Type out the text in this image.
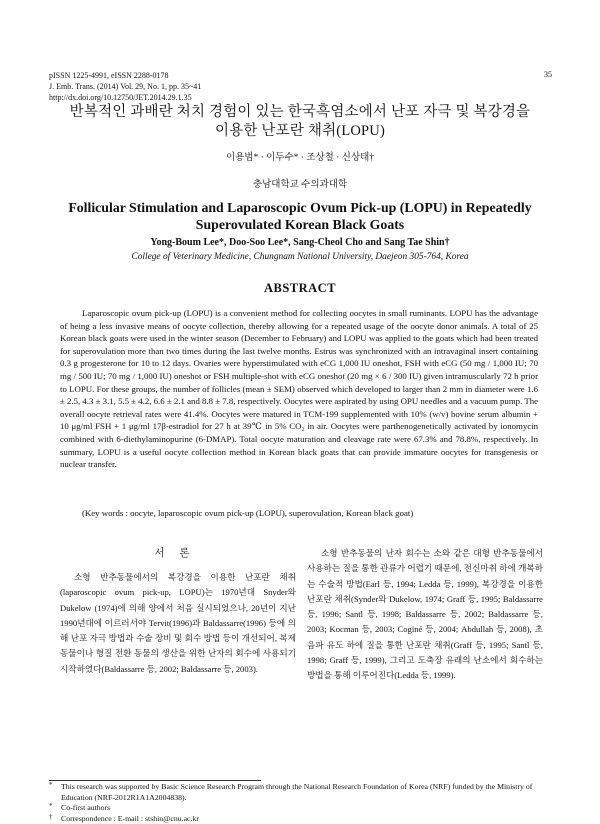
pISSN 1225-4991, eISSN 2288-0178
J. Emb. Trans. (2014) Vol. 29, No. 1, pp. 35~41
http://dx.doi.org/10.12750/JET.2014.29.1.35
35
반복적인 과배란 처치 경험이 있는 한국흑염소에서 난포 자극 및 복강경을
이용한 난포란 채취(LOPU)
이용범* · 이두수* · 조상철 · 신상태†
충남대학교 수의과대학
Follicular Stimulation and Laparoscopic Ovum Pick-up (LOPU) in Repeatedly
Superovulated Korean Black Goats
Yong-Boum Lee*, Doo-Soo Lee*, Sang-Cheol Cho and Sang Tae Shin†
College of Veterinary Medicine, Chungnam National University, Daejeon 305-764, Korea
ABSTRACT

Laparoscopic ovum pick-up (LOPU) is a convenient method for collecting oocytes in small ruminants. LOPU has the advantage of being a less invasive means of oocyte collection, thereby allowing for a repeated usage of the oocyte donor animals. A total of 25 Korean black goats were used in the winter season (December to February) and LOPU was applied to the goats which had been treated for superovulation more than two times during the last twelve months. Estrus was synchronized with an intravaginal insert containing 0.3 g progesterone for 10 to 12 days. Ovaries were hyperstimulated with eCG 1,000 IU oneshot, FSH with eCG (50 mg / 1,000 IU; 70 mg / 500 IU; 70 mg / 1,000 IU) oneshot or FSH multiple-shot with eCG oneshot (20 mg × 6 / 300 IU) given intramuscularly 72 h prior to LOPU. For these groups, the number of follicles (mean ± SEM) observed which developed to larger than 2 mm in diameter were 1.6 ± 2.5, 4.3 ± 3.1, 5.5 ± 4.2, 6.6 ± 2.1 and 8.8 ± 7.8, respectively. Oocytes were aspirated by using OPU needles and a vacuum pump. The overall oocyte retrieval rates were 41.4%. Oocytes were matured in TCM-199 supplemented with 10% (w/v) bovine serum albumin + 10 μg/ml FSH + 1 μg/ml 17β-estradiol for 27 h at 39℃ in 5% CO₂ in air. Oocytes were parthenogenetically activated by ionomycin combined with 6-diethylaminopurine (6-DMAP). Total oocyte maturation and cleavage rate were 67.3% and 78.8%, respectively. In summary, LOPU is a useful oocyte collection method in Korean black goats that can provide immature oocytes for transgenesis or nuclear transfer.

(Key words : oocyte, laparoscopic ovum pick-up (LOPU), superovulation, Korean black goat)
서 론

소형 반추동물에서의 복강경을 이용한 난포란 채취(laparoscopic ovum pick-up, LOPU)는 1970년대 Snyder와 Dukelow (1974)에 의해 양에서 처음 실시되었으나, 20년이 지난 1990년대에 이르러서야 Tervit(1996)과 Baldassarre(1996) 등에 의해 난포 자극 방법과 수술 장비 및 회수 방법 등이 개선되어, 복제 동물이나 형질 전환 동물의 생산을 위한 난자의 회수에 사용되기 시작하였다(Baldassarre 등, 2002; Baldassarre 등, 2003).

소형 반추동물의 난자 회수는 소와 같은 대형 반추동물에서 사용하는 질을 통한 관류가 어렵기 때문에, 전신마취 하에 개복하는 수술적 방법(Earl 등, 1994; Ledda 등, 1999), 복강경을 이용한 난포란 채취(Synder와 Dukelow, 1974; Graff 등, 1995; Baldassarre 등, 1996; Santl 등, 1998; Baldassarre 등, 2002; Baldassarre 등, 2003; Kocman 등, 2003; Coginé 등, 2004; Abdullah 등, 2008), 초음파 유도 하에 질을 통한 난포란 채취(Graff 등, 1995; Santl 등, 1998; Graff 등, 1999), 그리고 도축장 유래의 난소에서 회수하는 방법을 통해 이루어진다(Ledda 등, 1999).

* This research was supported by Basic Science Research Program through the National Research Foundation of Korea (NRF) funded by the Ministry of Education (NRF-2012R1A1A2004838).
* Co-first authors
† Correspondence : E-mail : stshin@cnu.ac.kr
